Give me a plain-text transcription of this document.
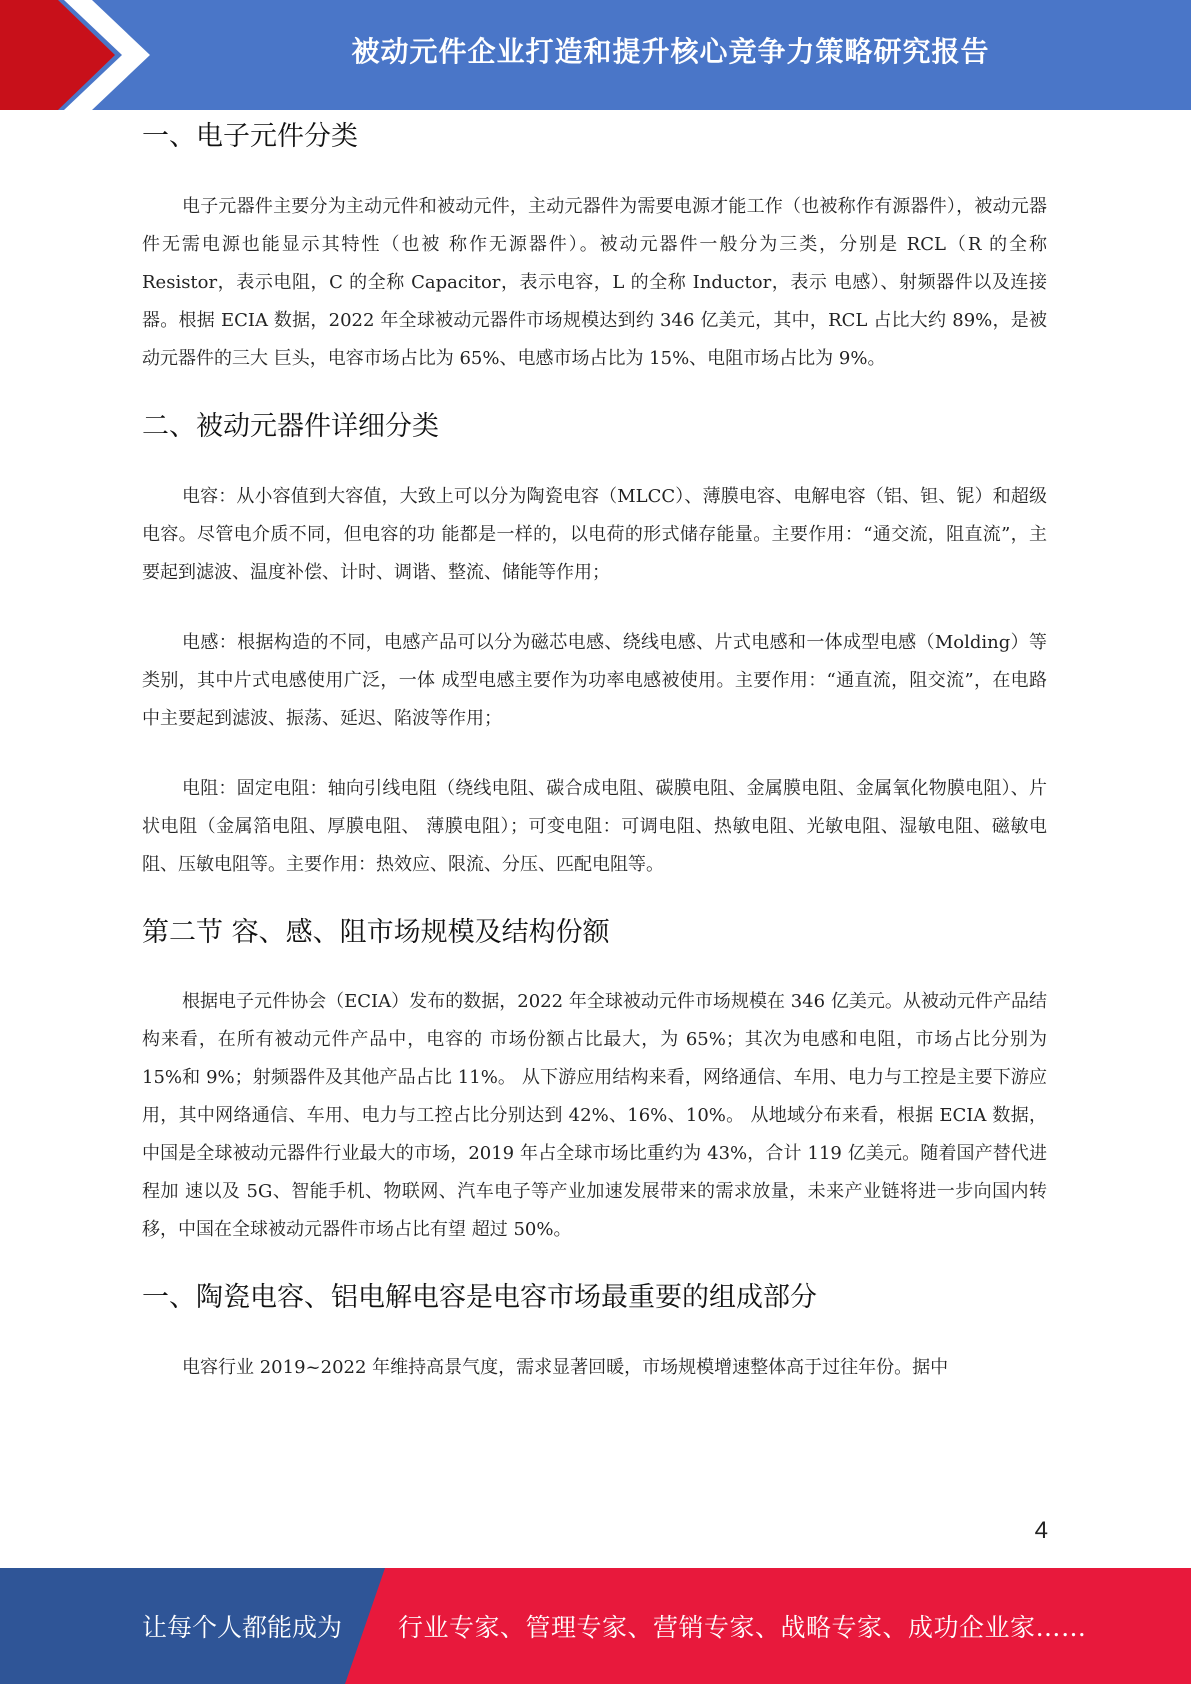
被动元件企业打造和提升核心竞争力策略研究报告
一、电子元件分类

电子元器件主要分为主动元件和被动元件，主动元器件为需要电源才能工作（也被称作有源器件），被动元器件无需电源也能显示其特性（也被 称作无源器件）。被动元器件一般分为三类，分别是 RCL（R 的全称 Resistor，表示电阻，C 的全称 Capacitor，表示电容，L 的全称 Inductor，表示 电感）、射频器件以及连接器。根据 ECIA 数据，2022 年全球被动元器件市场规模达到约 346 亿美元，其中，RCL 占比大约 89%，是被动元器件的三大 巨头，电容市场占比为 65%、电感市场占比为 15%、电阻市场占比为 9%。

二、被动元器件详细分类

电容：从小容值到大容值，大致上可以分为陶瓷电容（MLCC）、薄膜电容、电解电容（铝、钽、铌）和超级电容。尽管电介质不同，但电容的功 能都是一样的，以电荷的形式储存能量。主要作用：“通交流，阻直流”，主要起到滤波、温度补偿、计时、调谐、整流、储能等作用；

电感：根据构造的不同，电感产品可以分为磁芯电感、绕线电感、片式电感和一体成型电感（Molding）等类别，其中片式电感使用广泛，一体 成型电感主要作为功率电感被使用。主要作用：“通直流，阻交流”，在电路中主要起到滤波、振荡、延迟、陷波等作用；

电阻：固定电阻：轴向引线电阻（绕线电阻、碳合成电阻、碳膜电阻、金属膜电阻、金属氧化物膜电阻）、片状电阻（金属箔电阻、厚膜电阻、 薄膜电阻）；可变电阻：可调电阻、热敏电阻、光敏电阻、湿敏电阻、磁敏电阻、压敏电阻等。主要作用：热效应、限流、分压、匹配电阻等。

第二节 容、感、阻市场规模及结构份额

根据电子元件协会（ECIA）发布的数据，2022 年全球被动元件市场规模在 346 亿美元。从被动元件产品结构来看，在所有被动元件产品中，电容的 市场份额占比最大，为 65%；其次为电感和电阻，市场占比分别为 15%和 9%；射频器件及其他产品占比 11%。 从下游应用结构来看，网络通信、车用、电力与工控是主要下游应用，其中网络通信、车用、电力与工控占比分别达到 42%、16%、10%。 从地域分布来看，根据 ECIA 数据，中国是全球被动元器件行业最大的市场，2019 年占全球市场比重约为 43%，合计 119 亿美元。随着国产替代进程加 速以及 5G、智能手机、物联网、汽车电子等产业加速发展带来的需求放量，未来产业链将进一步向国内转移，中国在全球被动元器件市场占比有望 超过 50%。

一、陶瓷电容、铝电解电容是电容市场最重要的组成部分

电容行业 2019~2022 年维持高景气度，需求显著回暖，市场规模增速整体高于过往年份。据中

4
让每个人都能成为 行业专家、管理专家、营销专家、战略专家、成功企业家……
